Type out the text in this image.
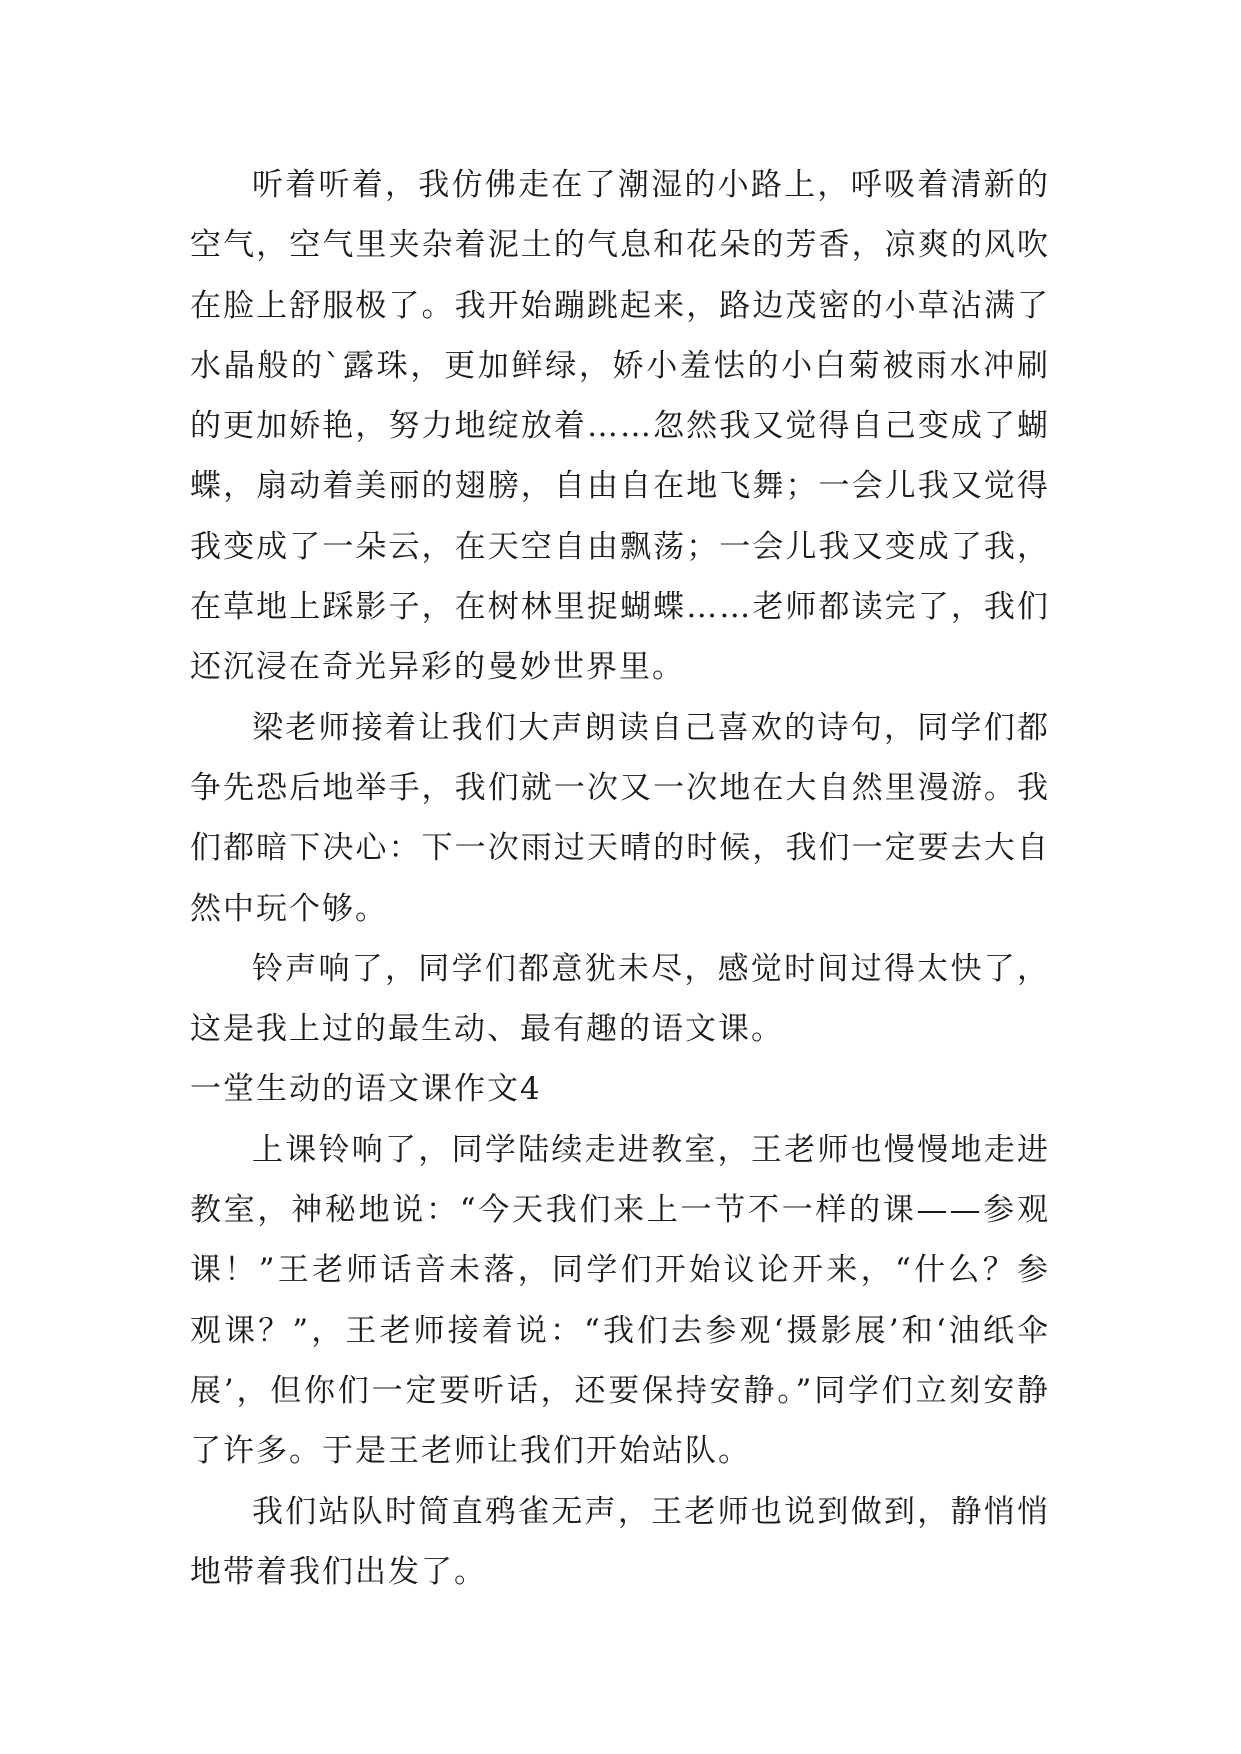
听着听着，我仿佛走在了潮湿的小路上，呼吸着清新的空气，空气里夹杂着泥土的气息和花朵的芳香，凉爽的风吹在脸上舒服极了。我开始蹦跳起来，路边茂密的小草沾满了水晶般的`露珠，更加鲜绿，娇小羞怯的小白菊被雨水冲刷的更加娇艳，努力地绽放着……忽然我又觉得自己变成了蝴蝶，扇动着美丽的翅膀，自由自在地飞舞；一会儿我又觉得我变成了一朵云，在天空自由飘荡；一会儿我又变成了我，在草地上踩影子，在树林里捉蝴蝶……老师都读完了，我们还沉浸在奇光异彩的曼妙世界里。

梁老师接着让我们大声朗读自己喜欢的诗句，同学们都争先恐后地举手，我们就一次又一次地在大自然里漫游。我们都暗下决心：下一次雨过天晴的时候，我们一定要去大自然中玩个够。

铃声响了，同学们都意犹未尽，感觉时间过得太快了，这是我上过的最生动、最有趣的语文课。

一堂生动的语文课作文4

上课铃响了，同学陆续走进教室，王老师也慢慢地走进教室，神秘地说：“今天我们来上一节不一样的课——参观课！”王老师话音未落，同学们开始议论开来，“什么？参观课？”，王老师接着说：“我们去参观‘摄影展’和‘油纸伞展’，但你们一定要听话，还要保持安静。”同学们立刻安静了许多。于是王老师让我们开始站队。

我们站队时简直鸦雀无声，王老师也说到做到，静悄悄地带着我们出发了。
